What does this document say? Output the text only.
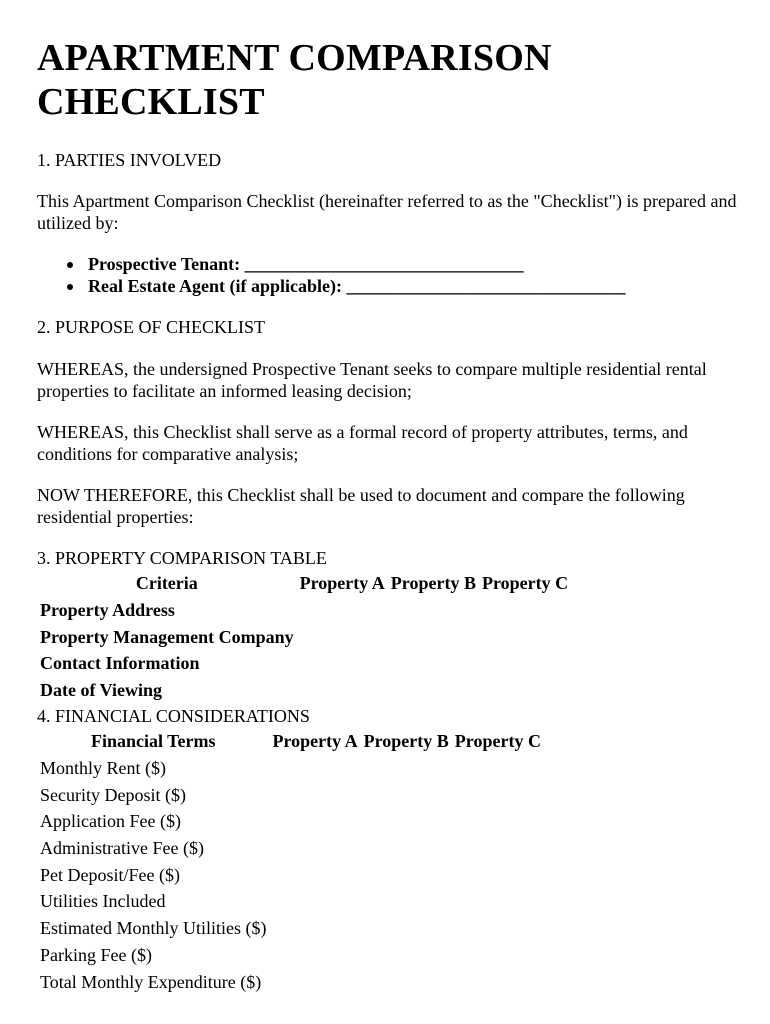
APARTMENT COMPARISON CHECKLIST
1. PARTIES INVOLVED
This Apartment Comparison Checklist (hereinafter referred to as the "Checklist") is prepared and utilized by:
Prospective Tenant: _______________________________
Real Estate Agent (if applicable): _______________________________
2. PURPOSE OF CHECKLIST
WHEREAS, the undersigned Prospective Tenant seeks to compare multiple residential rental properties to facilitate an informed leasing decision;
WHEREAS, this Checklist shall serve as a formal record of property attributes, terms, and conditions for comparative analysis;
NOW THEREFORE, this Checklist shall be used to document and compare the following residential properties:
3. PROPERTY COMPARISON TABLE
Criteria	Property A	Property B	Property C
Property Address			
Property Management Company			
Contact Information			
Date of Viewing			
4. FINANCIAL CONSIDERATIONS
Financial Terms	Property A	Property B	Property C
Monthly Rent ($)			
Security Deposit ($)			
Application Fee ($)			
Administrative Fee ($)			
Pet Deposit/Fee ($)			
Utilities Included			
Estimated Monthly Utilities ($)			
Parking Fee ($)			
Total Monthly Expenditure ($)			
